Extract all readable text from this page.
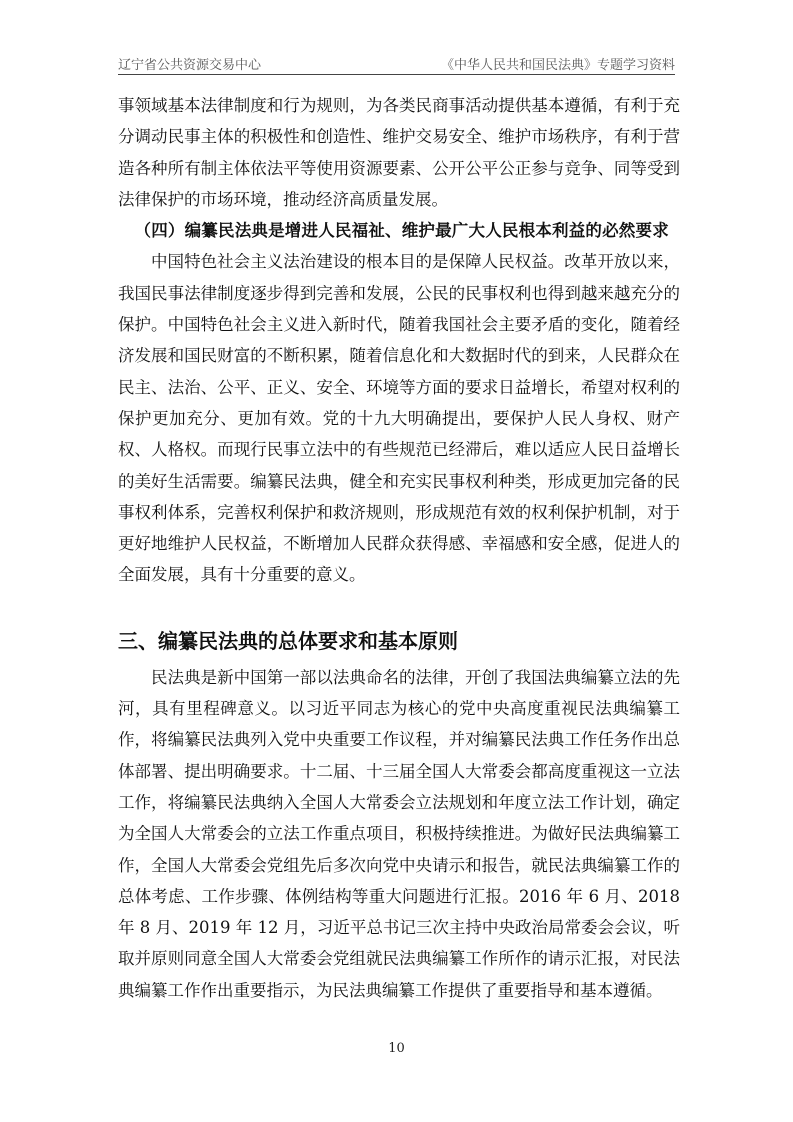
辽宁省公共资源交易中心	《中华人民共和国民法典》专题学习资料

事领域基本法律制度和行为规则，为各类民商事活动提供基本遵循，有利于充分调动民事主体的积极性和创造性、维护交易安全、维护市场秩序，有利于营造各种所有制主体依法平等使用资源要素、公开公平公正参与竞争、同等受到法律保护的市场环境，推动经济高质量发展。

（四）编纂民法典是增进人民福祉、维护最广大人民根本利益的必然要求

中国特色社会主义法治建设的根本目的是保障人民权益。改革开放以来，我国民事法律制度逐步得到完善和发展，公民的民事权利也得到越来越充分的保护。中国特色社会主义进入新时代，随着我国社会主要矛盾的变化，随着经济发展和国民财富的不断积累，随着信息化和大数据时代的到来，人民群众在民主、法治、公平、正义、安全、环境等方面的要求日益增长，希望对权利的保护更加充分、更加有效。党的十九大明确提出，要保护人民人身权、财产权、人格权。而现行民事立法中的有些规范已经滞后，难以适应人民日益增长的美好生活需要。编纂民法典，健全和充实民事权利种类，形成更加完备的民事权利体系，完善权利保护和救济规则，形成规范有效的权利保护机制，对于更好地维护人民权益，不断增加人民群众获得感、幸福感和安全感，促进人的全面发展，具有十分重要的意义。

三、编纂民法典的总体要求和基本原则

民法典是新中国第一部以法典命名的法律，开创了我国法典编纂立法的先河，具有里程碑意义。以习近平同志为核心的党中央高度重视民法典编纂工作，将编纂民法典列入党中央重要工作议程，并对编纂民法典工作任务作出总体部署、提出明确要求。十二届、十三届全国人大常委会都高度重视这一立法工作，将编纂民法典纳入全国人大常委会立法规划和年度立法工作计划，确定为全国人大常委会的立法工作重点项目，积极持续推进。为做好民法典编纂工作，全国人大常委会党组先后多次向党中央请示和报告，就民法典编纂工作的总体考虑、工作步骤、体例结构等重大问题进行汇报。2016 年 6 月、2018 年 8 月、2019 年 12 月，习近平总书记三次主持中央政治局常委会会议，听取并原则同意全国人大常委会党组就民法典编纂工作所作的请示汇报，对民法典编纂工作作出重要指示，为民法典编纂工作提供了重要指导和基本遵循。

10
